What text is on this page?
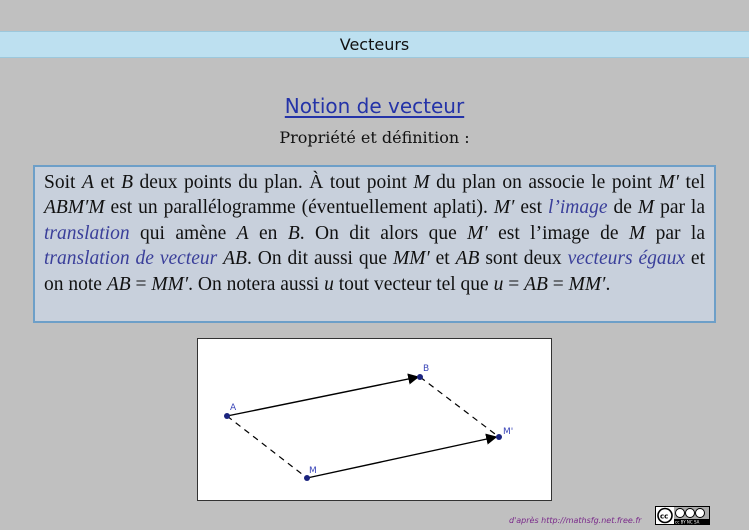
Vecteurs
Notion de vecteur
Propriété et définition :

Soit A et B deux points du plan. À tout point M du plan on associe le point M′ tel ABM′M est un parallélogramme (éventuellement aplati). M′ est l’image de M par la translation qui amène A en B. On dit alors que M′ est l’image de M par la translation de vecteur AB. On dit aussi que MM′ et AB sont deux vecteurs égaux et on note AB = MM′. On notera aussi u tout vecteur tel que u = AB = MM′.

A
B
M
M'
d'après http://mathsfg.net.free.fr	cc
cc BY NC SA
